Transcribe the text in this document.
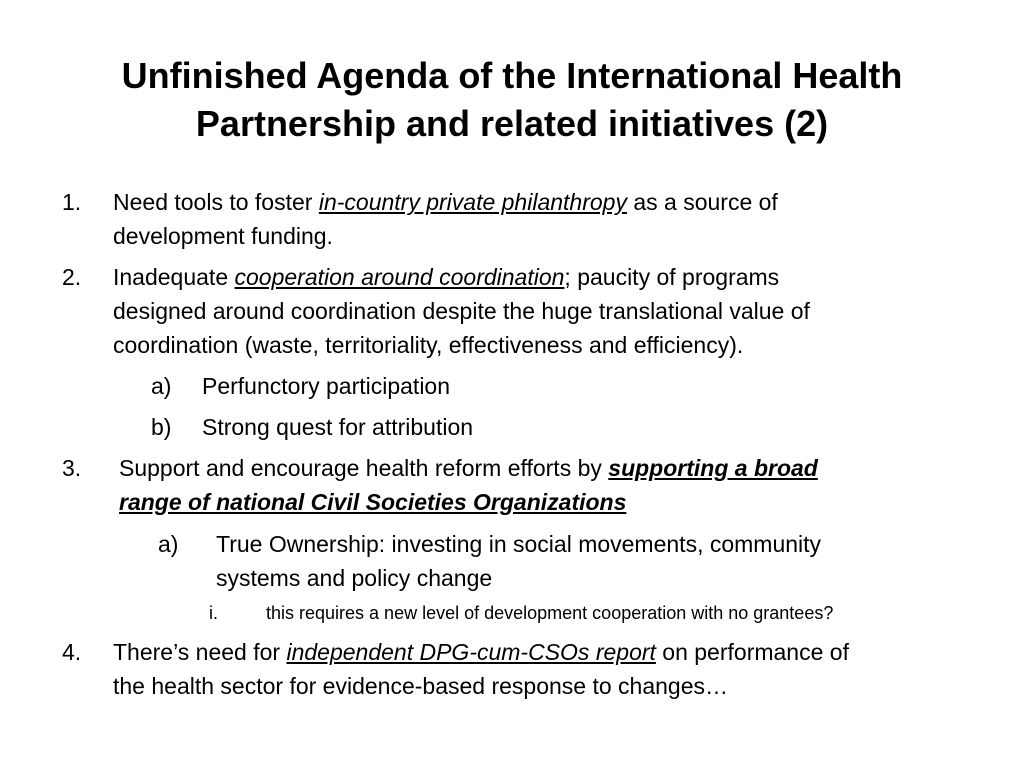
Unfinished Agenda of the International Health
Partnership and related initiatives (2)
1. Need tools to foster in-country private philanthropy as a source of
development funding.
2. Inadequate cooperation around coordination; paucity of programs
designed around coordination despite the huge translational value of
coordination (waste, territoriality, effectiveness and efficiency).
a) Perfunctory participation
b) Strong quest for attribution
3. Support and encourage health reform efforts by supporting a broad
range of national Civil Societies Organizations
a) True Ownership: investing in social movements, community
systems and policy change
i.	this requires a new level of development cooperation with no grantees?
4. There’s need for independent DPG-cum-CSOs report on performance of
the health sector for evidence-based response to changes…
